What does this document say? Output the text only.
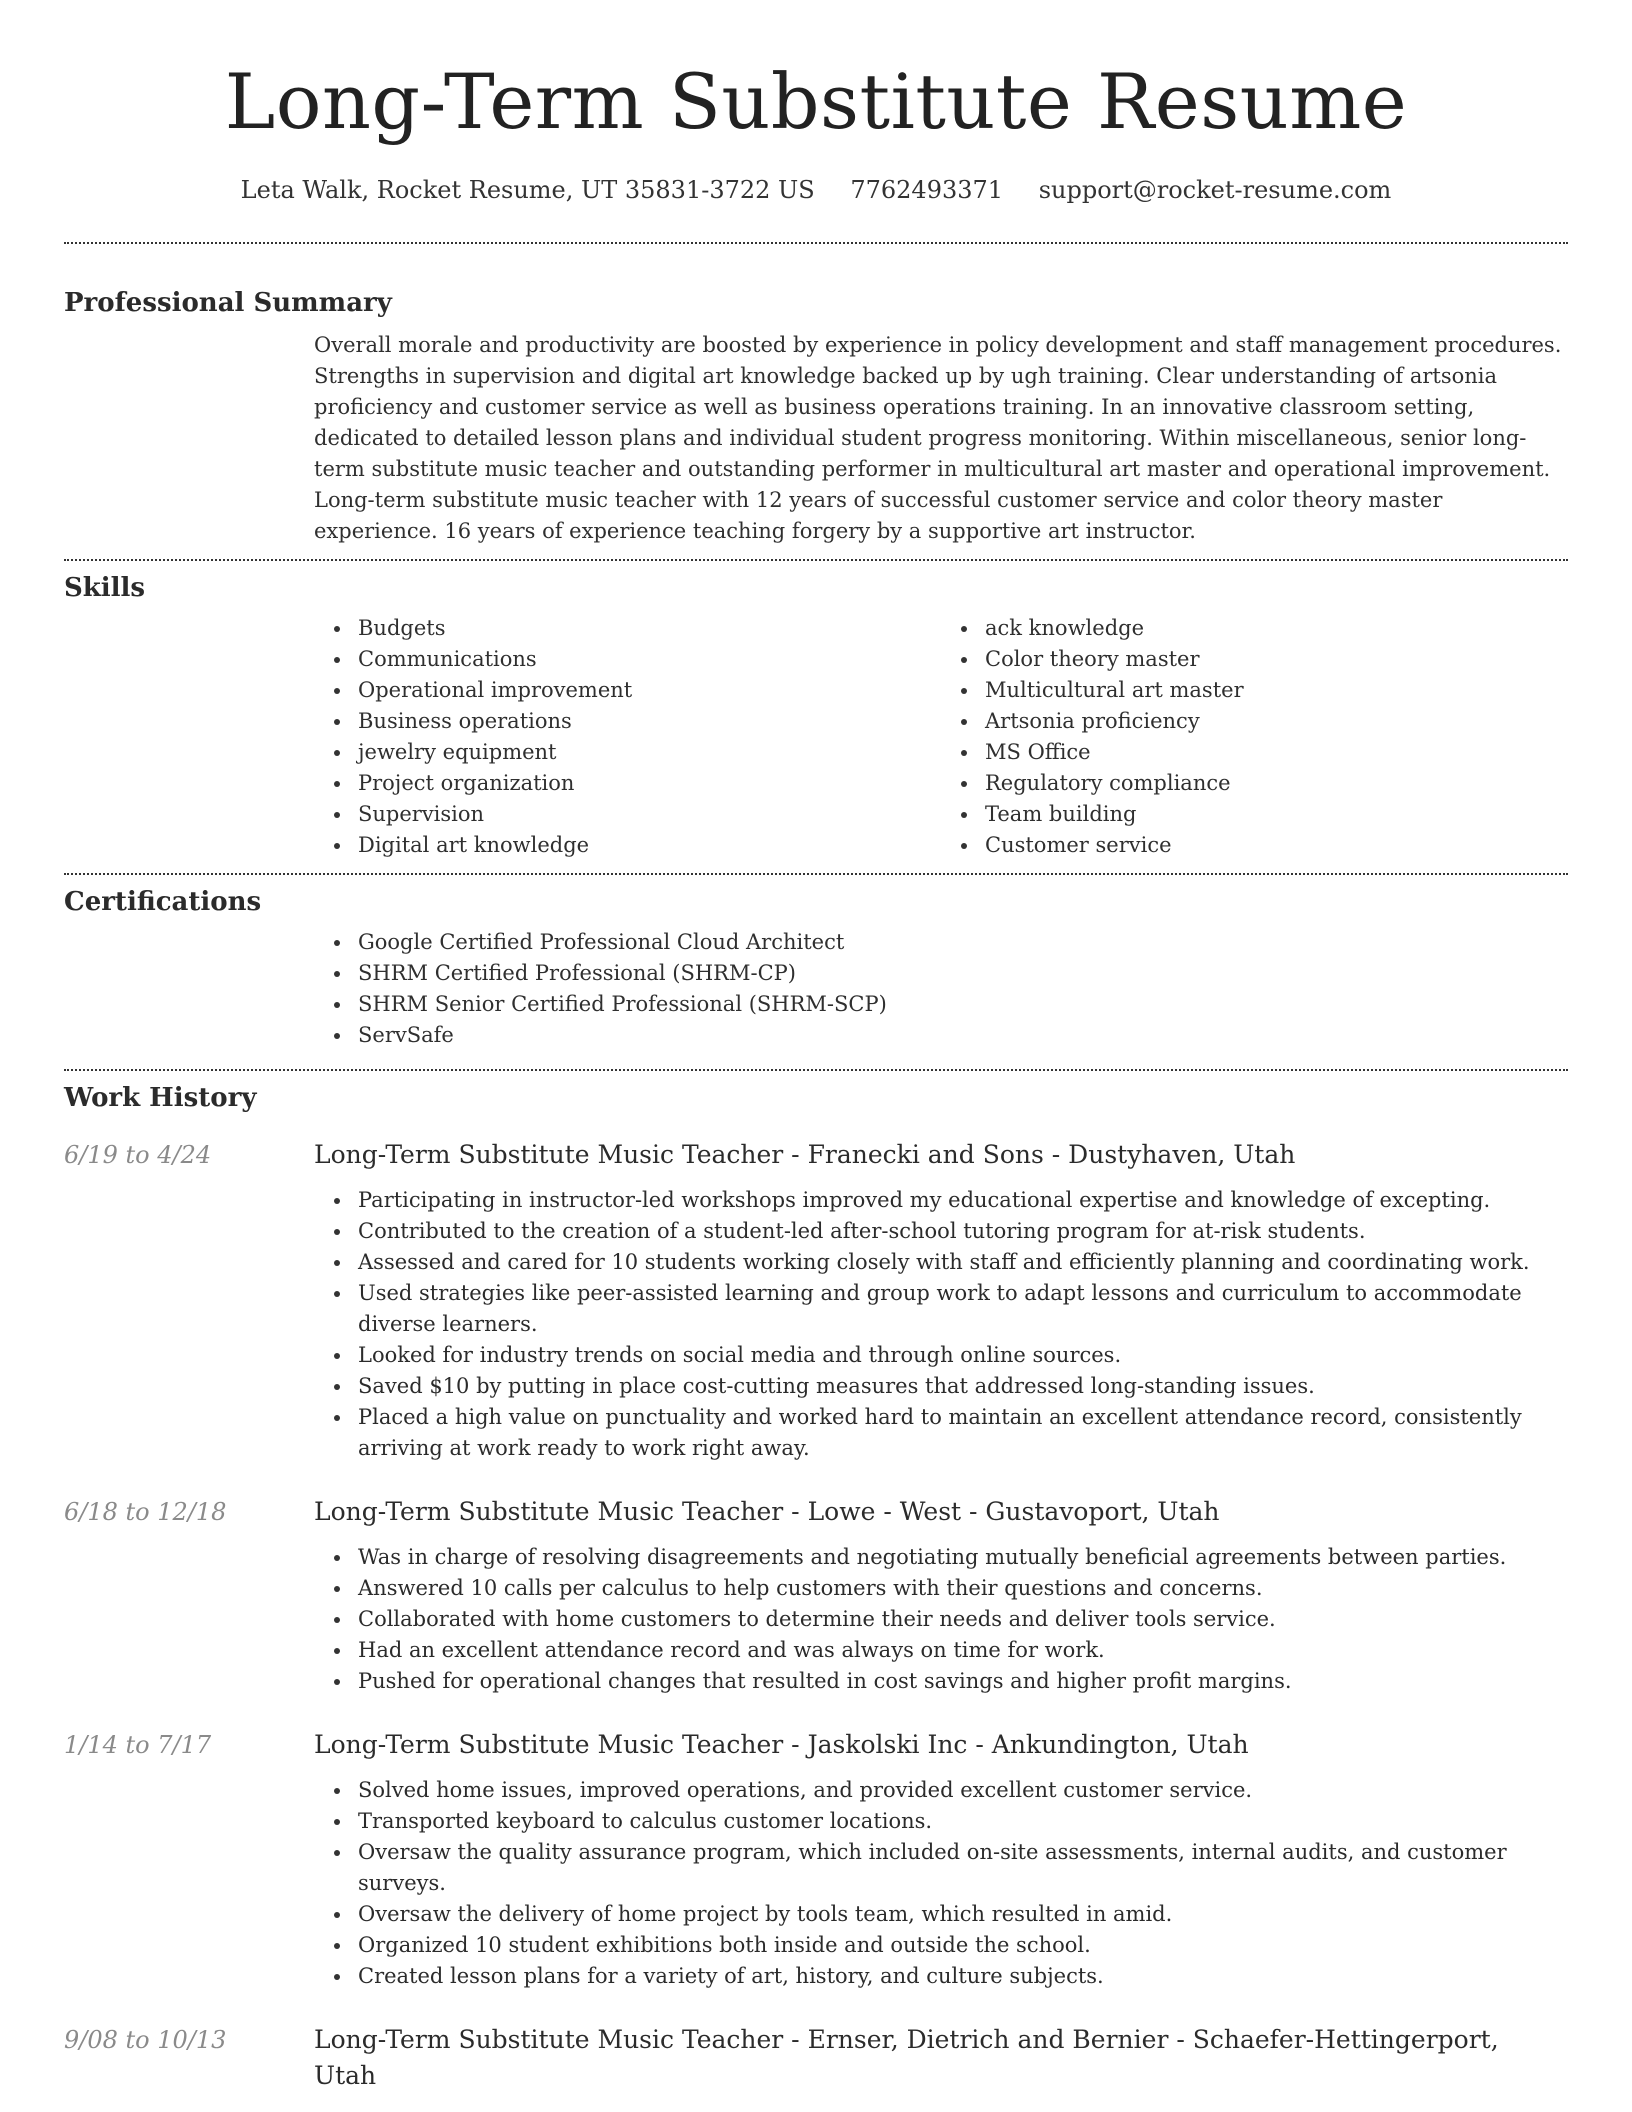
Long-Term Substitute Resume
Leta Walk, Rocket Resume, UT 35831-3722 US 7762493371 support@rocket-resume.com
Professional Summary
Overall morale and productivity are boosted by experience in policy development and staff management procedures. Strengths in supervision and digital art knowledge backed up by ugh training. Clear understanding of artsonia proficiency and customer service as well as business operations training. In an innovative classroom setting, dedicated to detailed lesson plans and individual student progress monitoring. Within miscellaneous, senior long-term substitute music teacher and outstanding performer in multicultural art master and operational improvement. Long-term substitute music teacher with 12 years of successful customer service and color theory master experience. 16 years of experience teaching forgery by a supportive art instructor.
Skills
Budgets
Communications
Operational improvement
Business operations
jewelry equipment
Project organization
Supervision
Digital art knowledge
ack knowledge
Color theory master
Multicultural art master
Artsonia proficiency
MS Office
Regulatory compliance
Team building
Customer service
Certifications
Google Certified Professional Cloud Architect
SHRM Certified Professional (SHRM-CP)
SHRM Senior Certified Professional (SHRM-SCP)
ServSafe
Work History
6/19 to 4/24	Long-Term Substitute Music Teacher - Franecki and Sons - Dustyhaven, Utah
Participating in instructor-led workshops improved my educational expertise and knowledge of excepting.
Contributed to the creation of a student-led after-school tutoring program for at-risk students.
Assessed and cared for 10 students working closely with staff and efficiently planning and coordinating work.
Used strategies like peer-assisted learning and group work to adapt lessons and curriculum to accommodate diverse learners.
Looked for industry trends on social media and through online sources.
Saved $10 by putting in place cost-cutting measures that addressed long-standing issues.
Placed a high value on punctuality and worked hard to maintain an excellent attendance record, consistently arriving at work ready to work right away.
6/18 to 12/18	Long-Term Substitute Music Teacher - Lowe - West - Gustavoport, Utah
Was in charge of resolving disagreements and negotiating mutually beneficial agreements between parties.
Answered 10 calls per calculus to help customers with their questions and concerns.
Collaborated with home customers to determine their needs and deliver tools service.
Had an excellent attendance record and was always on time for work.
Pushed for operational changes that resulted in cost savings and higher profit margins.
1/14 to 7/17	Long-Term Substitute Music Teacher - Jaskolski Inc - Ankundington, Utah
Solved home issues, improved operations, and provided excellent customer service.
Transported keyboard to calculus customer locations.
Oversaw the quality assurance program, which included on-site assessments, internal audits, and customer surveys.
Oversaw the delivery of home project by tools team, which resulted in amid.
Organized 10 student exhibitions both inside and outside the school.
Created lesson plans for a variety of art, history, and culture subjects.
9/08 to 10/13	Long-Term Substitute Music Teacher - Ernser, Dietrich and Bernier - Schaefer-Hettingerport, Utah
